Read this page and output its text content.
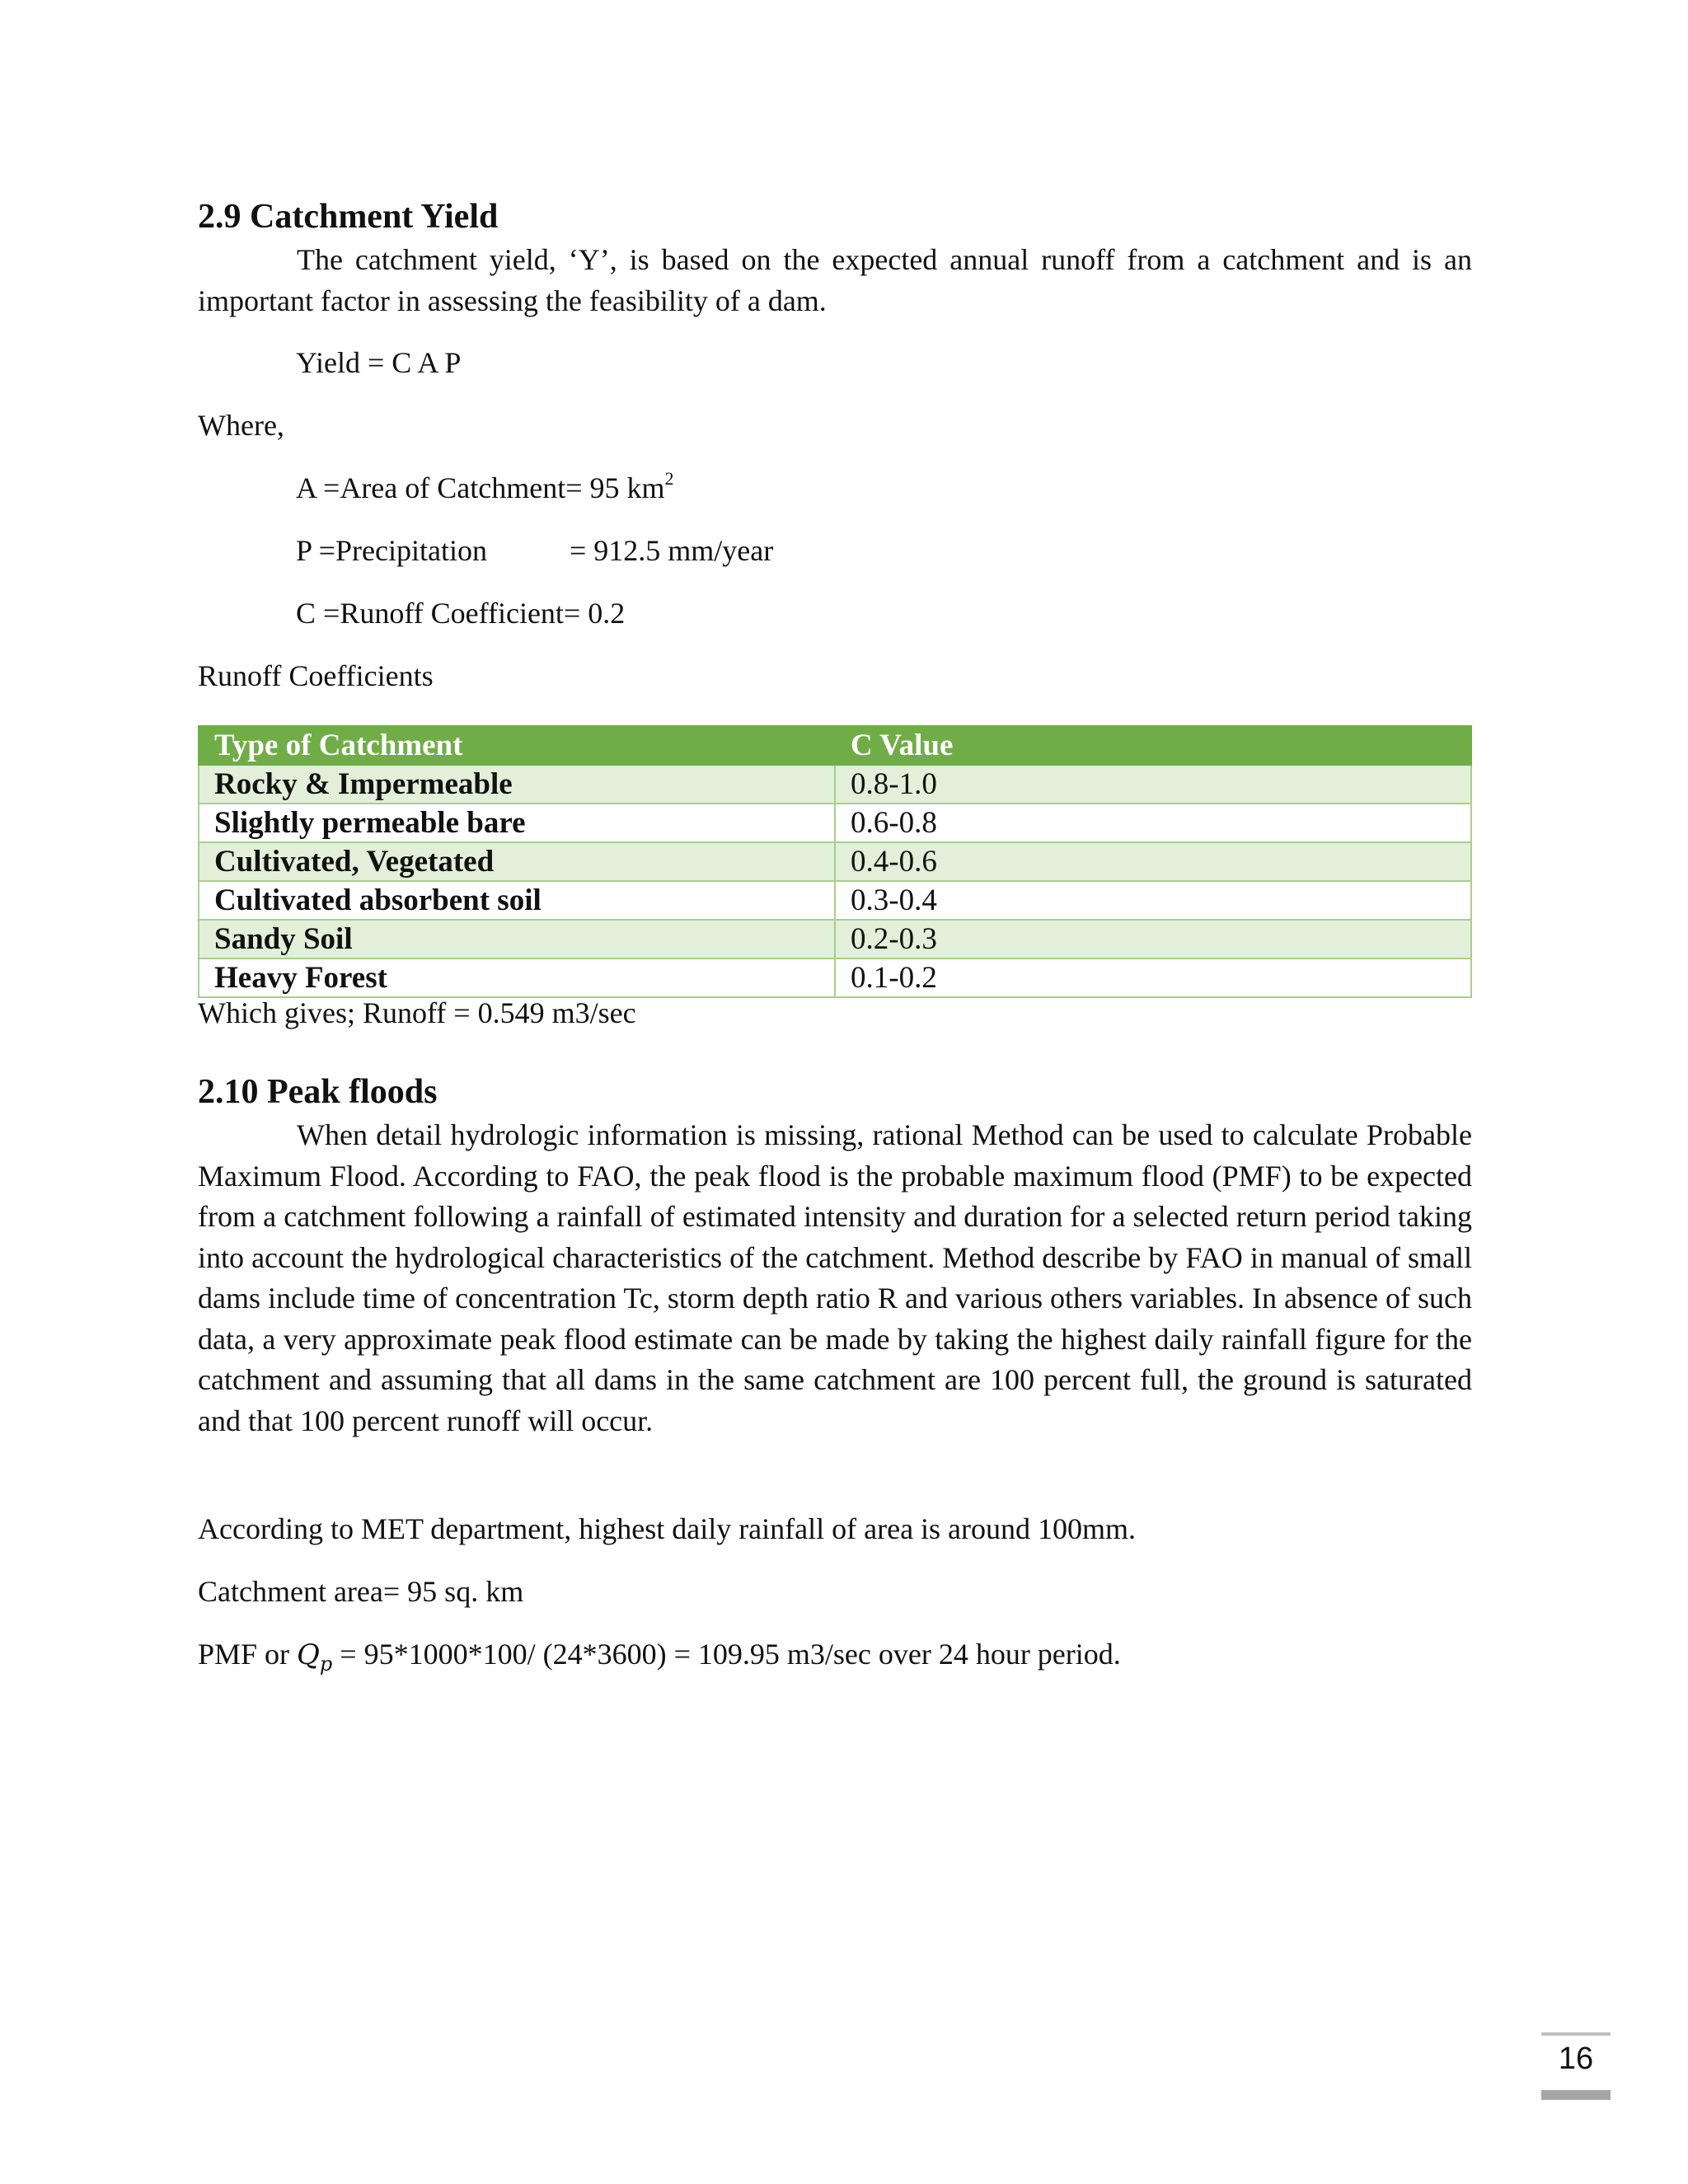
2.9 Catchment Yield

The catchment yield, ‘Y’, is based on the expected annual runoff from a catchment and is an important factor in assessing the feasibility of a dam.

Yield = C A P

Where,

A =Area of Catchment= 95 $km^2$

P =Precipitation	= 912.5 mm/year

C =Runoff Coefficient= 0.2

Runoff Coefficients

Type of Catchment	C Value
Rocky & Impermeable	0.8-1.0
Slightly permeable bare	0.6-0.8
Cultivated, Vegetated	0.4-0.6
Cultivated absorbent soil	0.3-0.4
Sandy Soil	0.2-0.3
Heavy Forest	0.1-0.2

Which gives; Runoff = 0.549 m3/sec

2.10 Peak floods

When detail hydrologic information is missing, rational Method can be used to calculate Probable Maximum Flood. According to FAO, the peak flood is the probable maximum flood (PMF) to be expected from a catchment following a rainfall of estimated intensity and duration for a selected return period taking into account the hydrological characteristics of the catchment. Method describe by FAO in manual of small dams include time of concentration Tc, storm depth ratio R and various others variables. In absence of such data, a very approximate peak flood estimate can be made by taking the highest daily rainfall figure for the catchment and assuming that all dams in the same catchment are 100 percent full, the ground is saturated and that 100 percent runoff will occur.

According to MET department, highest daily rainfall of area is around 100mm.

Catchment area= 95 sq. km

PMF or $Q_p = 95*1000*100/$ (24*3600) = 109.95 m3/sec over 24 hour period.

16
